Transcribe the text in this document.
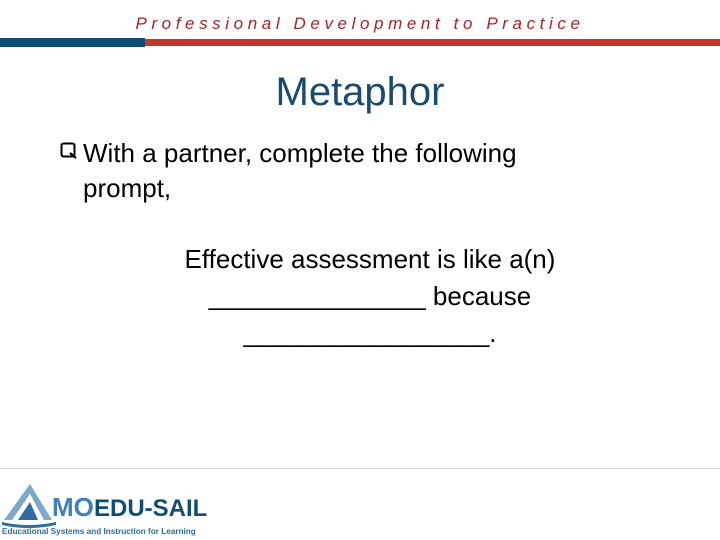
Professional Development to Practice
Metaphor
With a partner, complete the following
prompt,
Effective assessment is like a(n)
_______________ because
_________________.
MO EDU-SAIL
Educational Systems and Instruction for Learning
